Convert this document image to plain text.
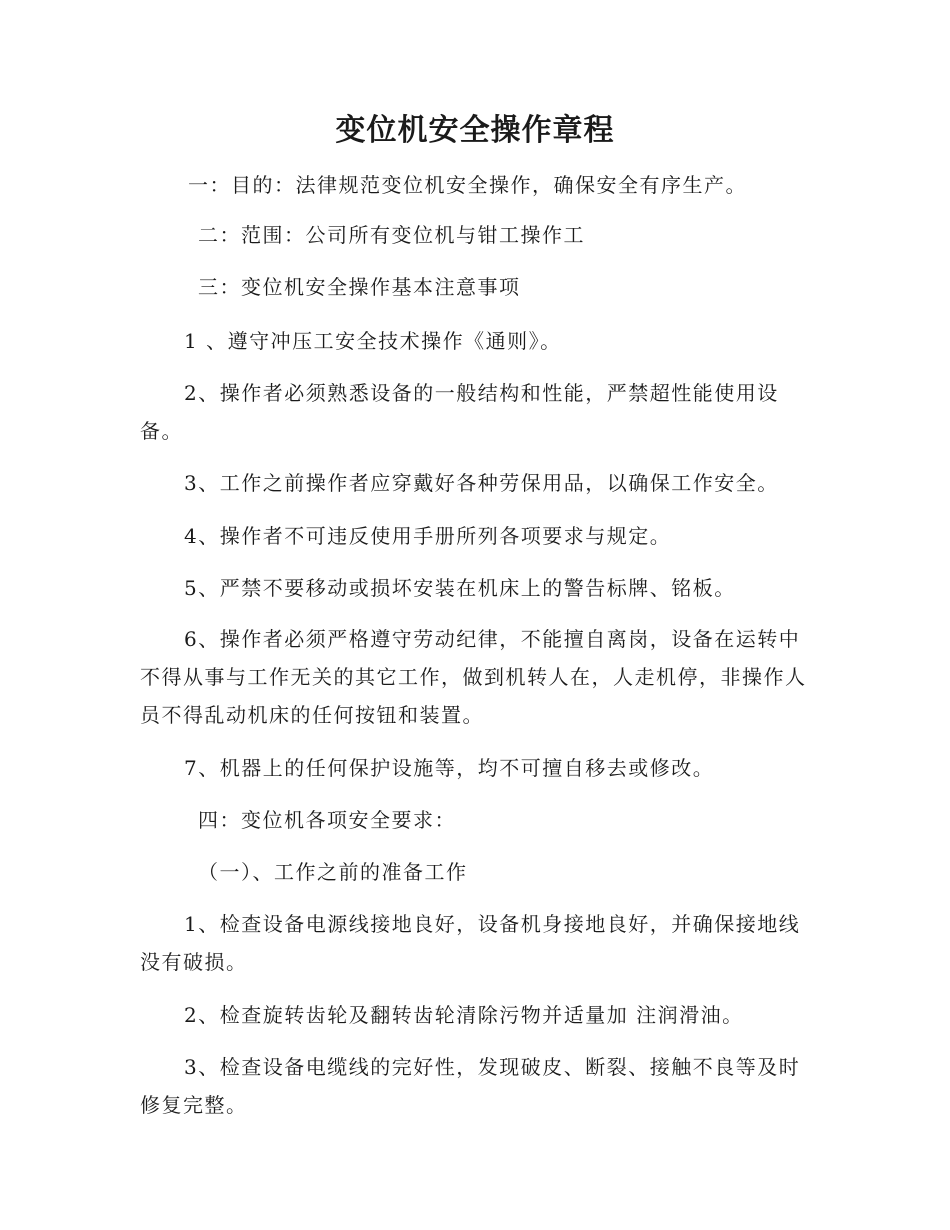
变位机安全操作章程

一：目的：法律规范变位机安全操作，确保安全有序生产。

二：范围：公司所有变位机与钳工操作工

三：变位机安全操作基本注意事项

1 、遵守冲压工安全技术操作《通则》。

2、操作者必须熟悉设备的一般结构和性能，严禁超性能使用设备。

3、工作之前操作者应穿戴好各种劳保用品，以确保工作安全。

4、操作者不可违反使用手册所列各项要求与规定。

5、严禁不要移动或损坏安装在机床上的警告标牌、铭板。

6、操作者必须严格遵守劳动纪律，不能擅自离岗，设备在运转中不得从事与工作无关的其它工作，做到机转人在，人走机停，非操作人员不得乱动机床的任何按钮和装置。

7、机器上的任何保护设施等，均不可擅自移去或修改。

四：变位机各项安全要求：

（一）、工作之前的准备工作

1、检查设备电源线接地良好，设备机身接地良好，并确保接地线没有破损。

2、检查旋转齿轮及翻转齿轮清除污物并适量加 注润滑油。

3、检查设备电缆线的完好性，发现破皮、断裂、接触不良等及时修复完整。
